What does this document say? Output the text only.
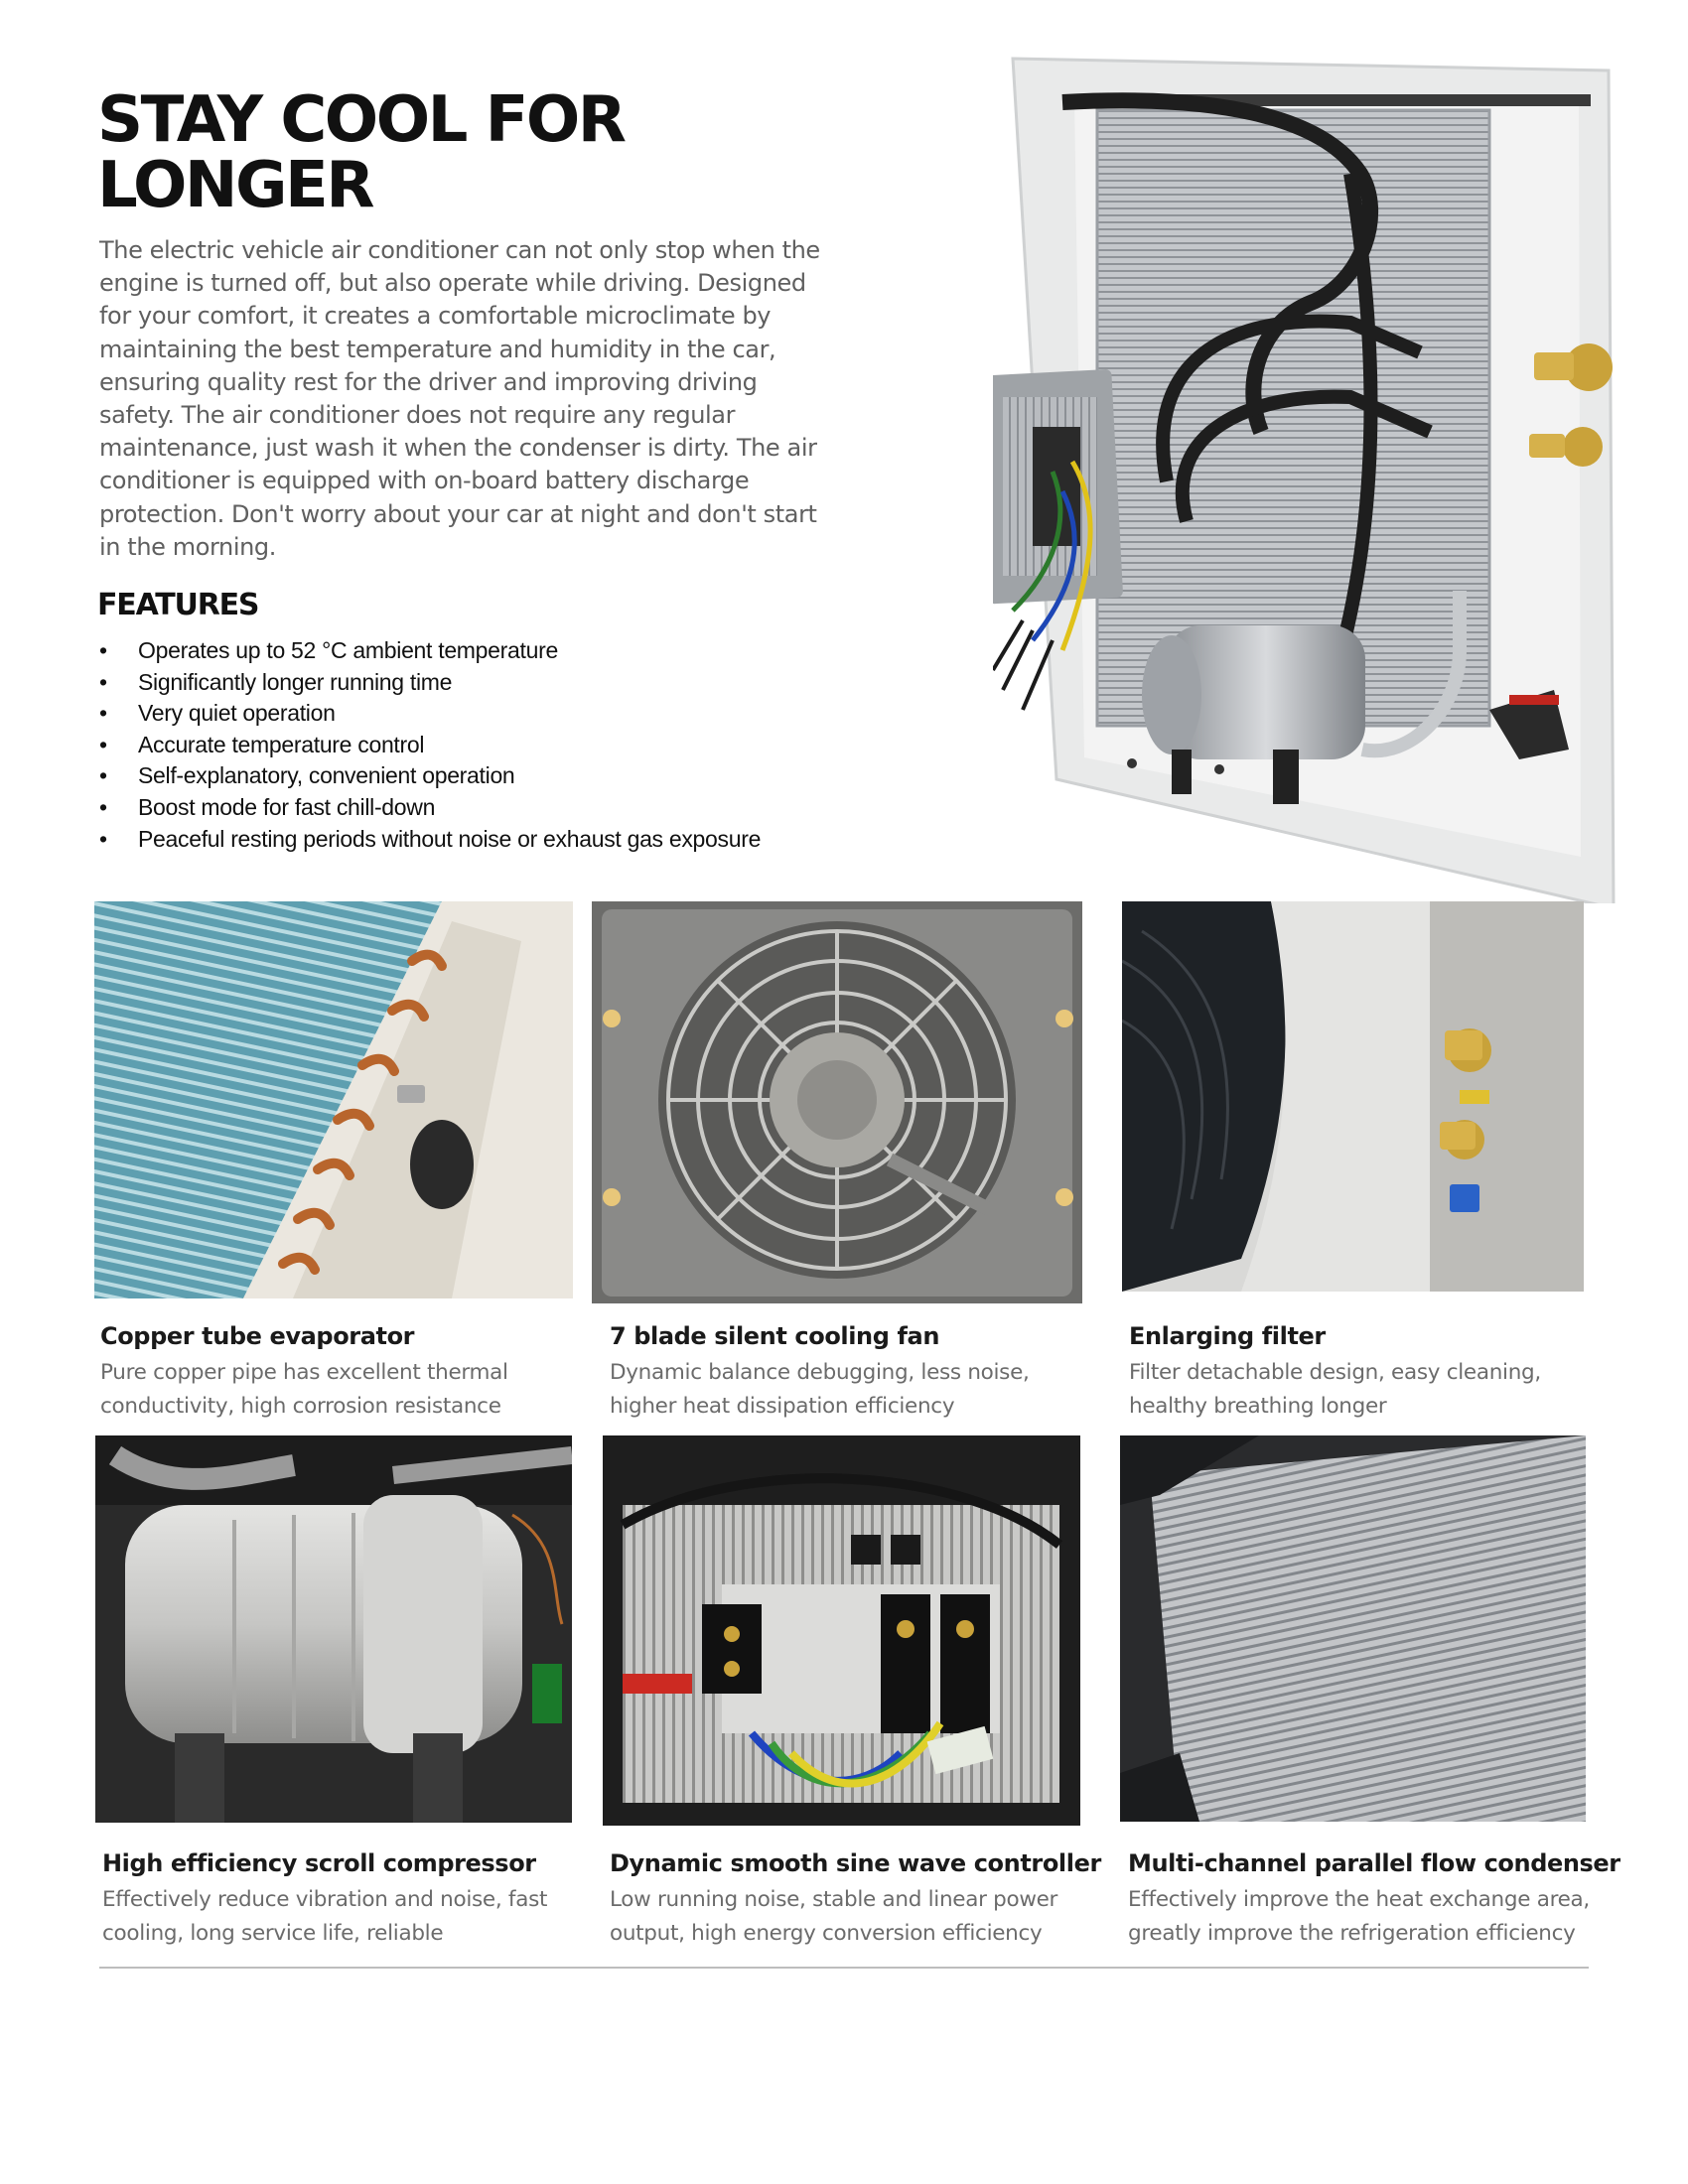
STAY COOL FOR
LONGER

The electric vehicle air conditioner can not only stop when the engine is turned off, but also operate while driving. Designed for your comfort, it creates a comfortable microclimate by maintaining the best temperature and humidity in the car, ensuring quality rest for the driver and improving driving safety. The air conditioner does not require any regular maintenance, just wash it when the condenser is dirty. The air conditioner is equipped with on-board battery discharge protection. Don't worry about your car at night and don't start in the morning.

FEATURES
• Operates up to 52 °C ambient temperature
• Significantly longer running time
• Very quiet operation
• Accurate temperature control
• Self-explanatory, convenient operation
• Boost mode for fast chill-down
• Peaceful resting periods without noise or exhaust gas exposure
Copper tube evaporator

Pure copper pipe has excellent thermal conductivity, high corrosion resistance

7 blade silent cooling fan

Dynamic balance debugging, less noise, higher heat dissipation efficiency

Enlarging filter

Filter detachable design, easy cleaning, healthy breathing longer

High efficiency scroll compressor

Effectively reduce vibration and noise, fast cooling, long service life, reliable

Dynamic smooth sine wave controller

Low running noise, stable and linear power output, high energy conversion efficiency

Multi-channel parallel flow condenser

Effectively improve the heat exchange area, greatly improve the refrigeration efficiency
